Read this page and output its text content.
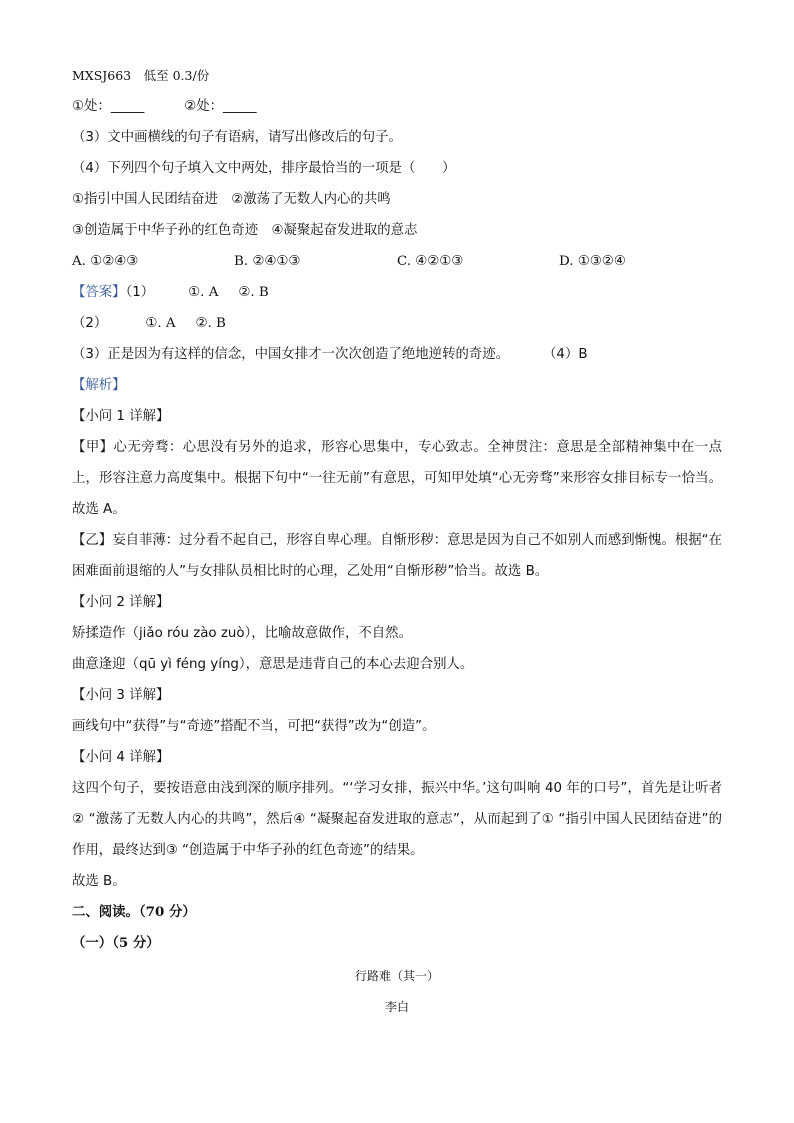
MXSJ663　低至 0.3/份
①处：_____	②处：_____
（3）文中画横线的句子有语病，请写出修改后的句子。
（4）下列四个句子填入文中两处，排序最恰当的一项是（　　）
①指引中国人民团结奋进　②激荡了无数人内心的共鸣
③创造属于中华子孙的红色奇迹　④凝聚起奋发进取的意志
A. ①②④③	B. ②④①③	C. ④②①③	D. ①③②④
【答案】（1）	①. A ②. B
（2）	①. A ②. B
（3）正是因为有这样的信念，中国女排才一次次创造了绝地逆转的奇迹。	（4）B
【解析】
【小问 1 详解】
【甲】心无旁骛：心思没有另外的追求，形容心思集中，专心致志。全神贯注：意思是全部精神集中在一点上，形容注意力高度集中。根据下句中“一往无前”有意思，可知甲处填“心无旁骛”来形容女排目标专一恰当。故选 A。
【乙】妄自菲薄：过分看不起自己，形容自卑心理。自惭形秽：意思是因为自己不如别人而感到惭愧。根据“在困难面前退缩的人”与女排队员相比时的心理，乙处用“自惭形秽”恰当。故选 B。
【小问 2 详解】
矫揉造作（jiǎo róu zào zuò），比喻故意做作，不自然。
曲意逢迎（qū yì féng yíng），意思是违背自己的本心去迎合别人。
【小问 3 详解】
画线句中“获得”与“奇迹”搭配不当，可把“获得”改为“创造”。
【小问 4 详解】
这四个句子，要按语意由浅到深的顺序排列。“‘学习女排，振兴中华。’这句叫响 40 年的口号”，首先是让听者② “激荡了无数人内心的共鸣”，然后④ “凝聚起奋发进取的意志”，从而起到了① “指引中国人民团结奋进”的作用，最终达到③ “创造属于中华子孙的红色奇迹”的结果。
故选 B。
二、阅读。（70 分）
（一）（5 分）
行路难（其一）
李白
